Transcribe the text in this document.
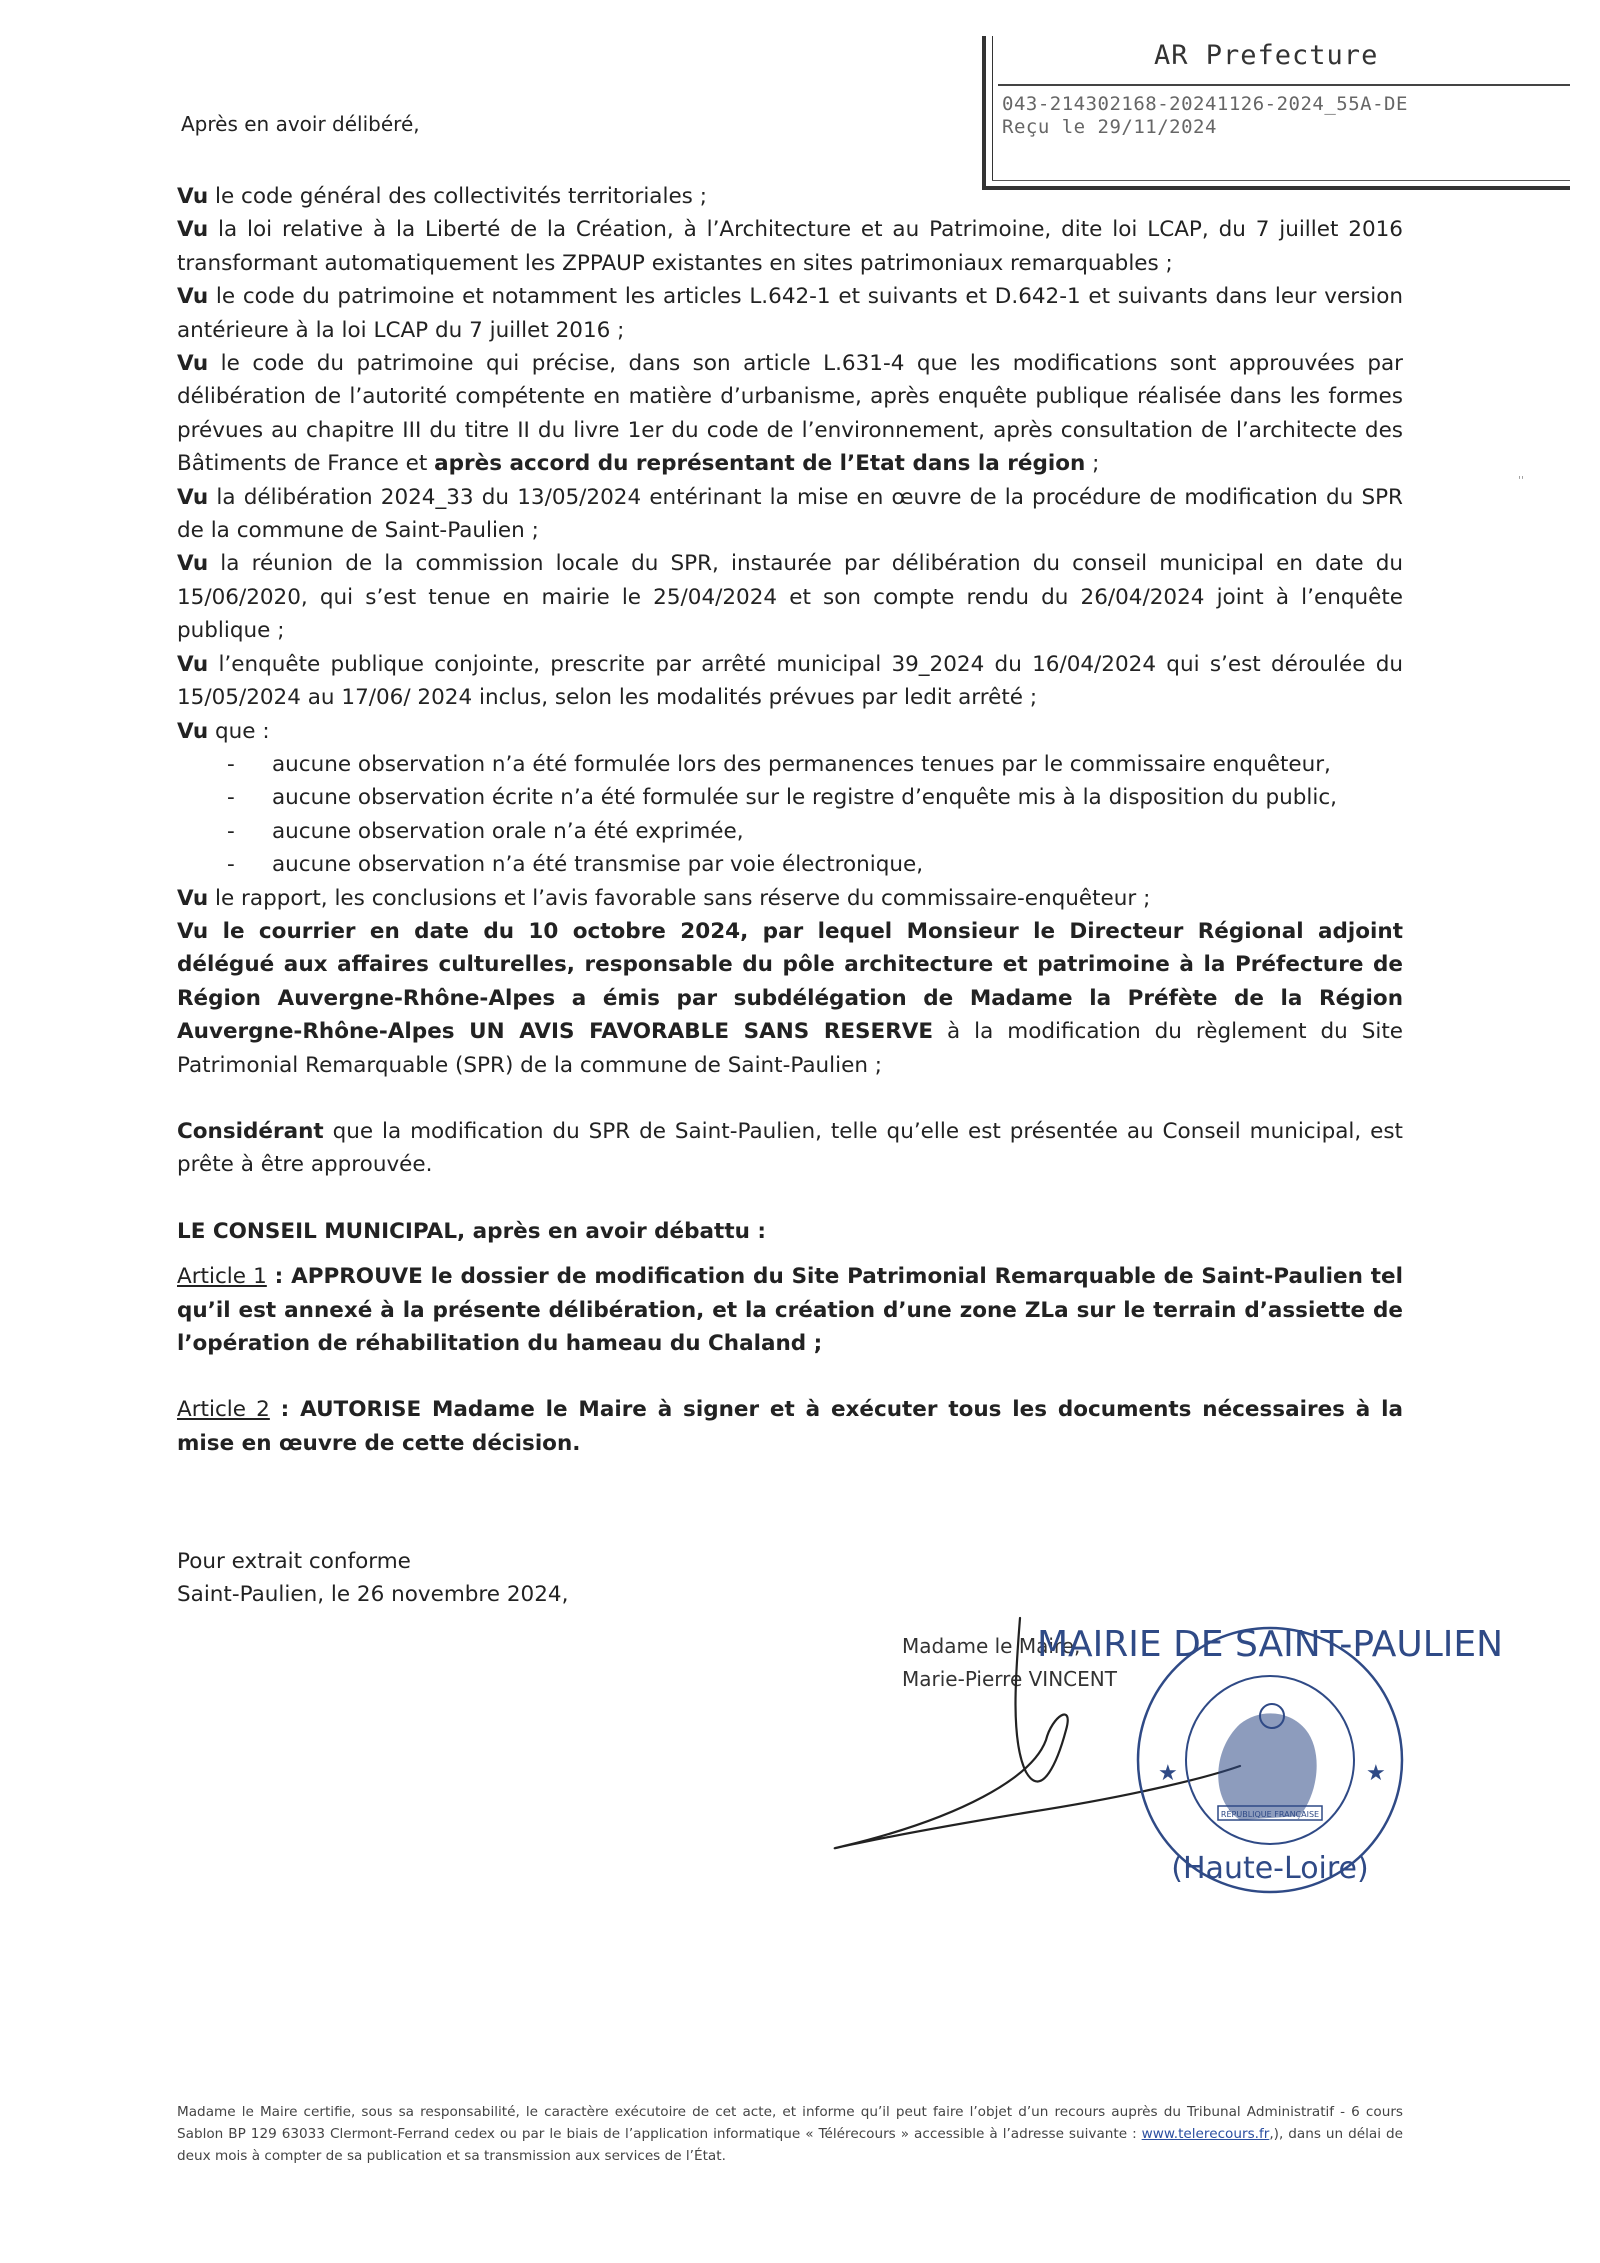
AR Prefecture
043-214302168-20241126-2024_55A-DE
Reçu le 29/11/2024
Après en avoir délibéré,
''

Vu le code général des collectivités territoriales ;

Vu la loi relative à la Liberté de la Création, à l’Architecture et au Patrimoine, dite loi LCAP, du 7 juillet 2016 transformant automatiquement les ZPPAUP existantes en sites patrimoniaux remarquables ;

Vu le code du patrimoine et notamment les articles L.642-1 et suivants et D.642-1 et suivants dans leur version antérieure à la loi LCAP du 7 juillet 2016 ;

Vu le code du patrimoine qui précise, dans son article L.631-4 que les modifications sont approuvées par délibération de l’autorité compétente en matière d’urbanisme, après enquête publique réalisée dans les formes prévues au chapitre III du titre II du livre 1er du code de l’environnement, après consultation de l’architecte des Bâtiments de France et après accord du représentant de l’Etat dans la région ;

Vu la délibération 2024_33 du 13/05/2024 entérinant la mise en œuvre de la procédure de modification du SPR de la commune de Saint-Paulien ;

Vu la réunion de la commission locale du SPR, instaurée par délibération du conseil municipal en date du 15/06/2020, qui s’est tenue en mairie le 25/04/2024 et son compte rendu du 26/04/2024 joint à l’enquête publique ;

Vu l’enquête publique conjointe, prescrite par arrêté municipal 39_2024 du 16/04/2024 qui s’est déroulée du 15/05/2024 au 17/06/ 2024 inclus, selon les modalités prévues par ledit arrêté ;

Vu que :

- aucune observation n’a été formulée lors des permanences tenues par le commissaire enquêteur,
- aucune observation écrite n’a été formulée sur le registre d’enquête mis à la disposition du public,
- aucune observation orale n’a été exprimée,
- aucune observation n’a été transmise par voie électronique,

Vu le rapport, les conclusions et l’avis favorable sans réserve du commissaire-enquêteur ;

Vu le courrier en date du 10 octobre 2024, par lequel Monsieur le Directeur Régional adjoint délégué aux affaires culturelles, responsable du pôle architecture et patrimoine à la Préfecture de Région Auvergne-Rhône-Alpes a émis par subdélégation de Madame la Préfète de la Région Auvergne-Rhône-Alpes UN AVIS FAVORABLE SANS RESERVE à la modification du règlement du Site Patrimonial Remarquable (SPR) de la commune de Saint-Paulien ;

Considérant que la modification du SPR de Saint-Paulien, telle qu’elle est présentée au Conseil municipal, est prête à être approuvée.

LE CONSEIL MUNICIPAL, après en avoir débattu :

Article 1 : APPROUVE le dossier de modification du Site Patrimonial Remarquable de Saint-Paulien tel qu’il est annexé à la présente délibération, et la création d’une zone ZLa sur le terrain d’assiette de l’opération de réhabilitation du hameau du Chaland ;

Article 2 : AUTORISE Madame le Maire à signer et à exécuter tous les documents nécessaires à la mise en œuvre de cette décision.

Pour extrait conforme
Saint-Paulien, le 26 novembre 2024,
Madame le Maire,
Marie-Pierre VINCENT
MAIRIE DE SAINT-PAULIEN
(Haute-Loire)
RÉPUBLIQUE FRANÇAISE
★	★
Madame le Maire certifie, sous sa responsabilité, le caractère exécutoire de cet acte, et informe qu’il peut faire l’objet d’un recours auprès du Tribunal Administratif - 6 cours Sablon BP 129 63033 Clermont-Ferrand cedex ou par le biais de l’application informatique « Télérecours » accessible à l’adresse suivante : www.telerecours.fr,), dans un délai de deux mois à compter de sa publication et sa transmission aux services de l’État.
